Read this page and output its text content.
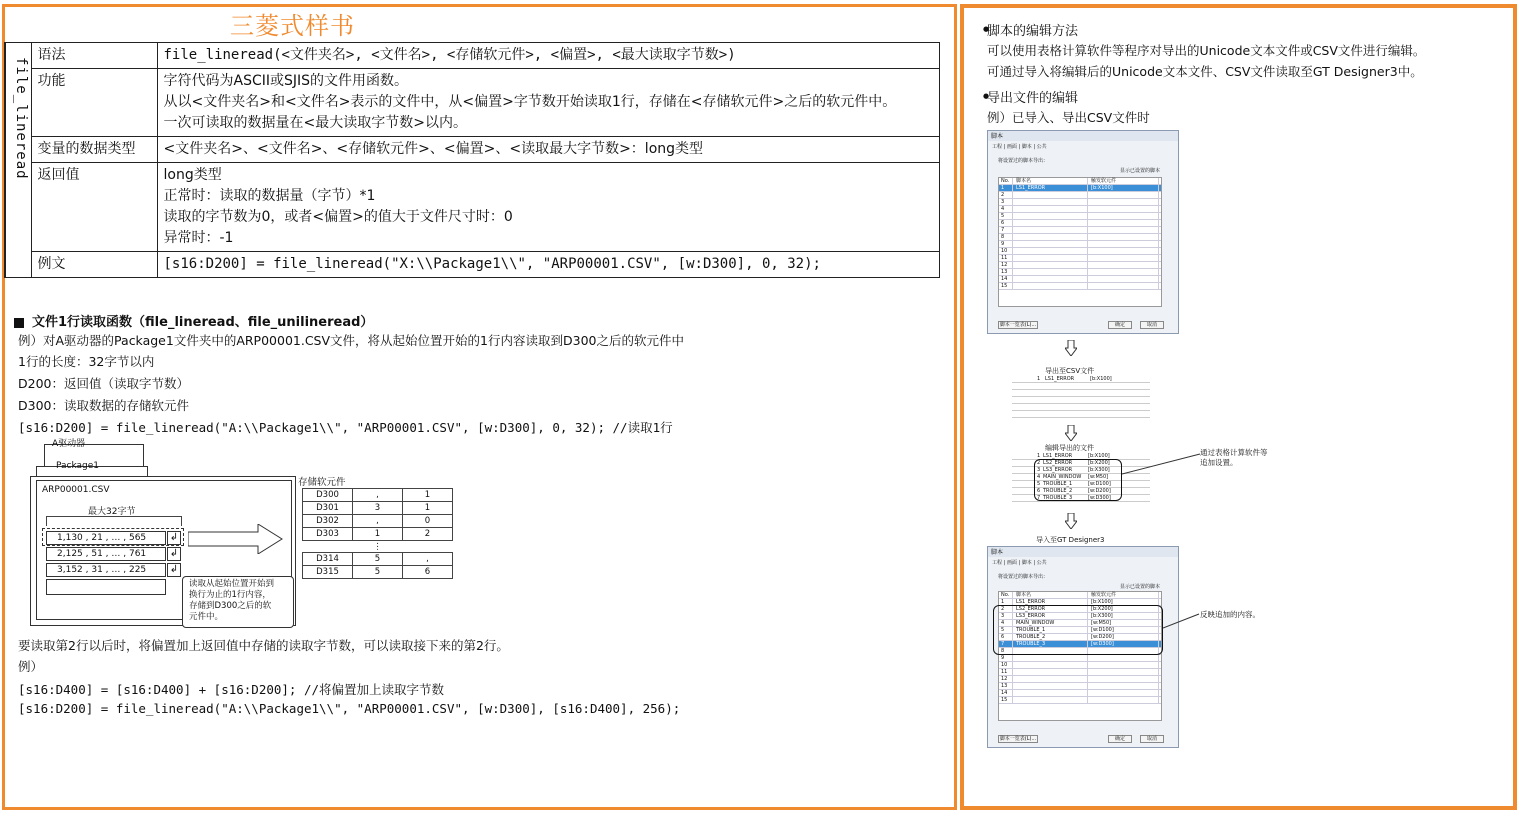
三菱式样书
file_lineread	语法	file_lineread(<文件夹名>, <文件名>, <存储软元件>, <偏置>, <最大读取字节数>)

	功能	字符代码为ASCII或SJIS的文件用函数。
从以<文件夹名>和<文件名>表示的文件中，从<偏置>字节数开始读取1行，存储在<存储软元件>之后的软元件中。
一次可读取的数据量在<最大读取字节数>以内。

	变量的数据类型	<文件夹名>、<文件名>、<存储软元件>、<偏置>、<读取最大字节数>：long类型

	返回值	long类型
正常时：读取的数据量（字节）*1
读取的字节数为0，或者<偏置>的值大于文件尺寸时：0
异常时：-1

	例文	[s16:D200] = file_lineread("X:\\Package1\\", "ARP00001.CSV", [w:D300], 0, 32);
文件1行读取函数（file_lineread、file_unilineread）
例）对A驱动器的Package1文件夹中的ARP00001.CSV文件，将从起始位置开始的1行内容读取到D300之后的软元件中
1行的长度：32字节以内
D200：返回值（读取字节数）
D300：读取数据的存储软元件
[s16:D200] = file_lineread("A:\\Package1\\", "ARP00001.CSV", [w:D300], 0, 32); //读取1行
A驱动器
Package1
ARP00001.CSV
最大32字节
1,130 , 21 , … , 565 ↲
2,125 , 51 , … , 761 ↲
3,152 , 31 , … , 225 ↲
读取从起始位置开始到
换行为止的1行内容，
存储到D300之后的软
元件中。
存储软元件
D300	,	1
D301	3	1
D302	,	0
D303	1	2
	⋮	
D314	5	,
D315	5	6
要读取第2行以后时，将偏置加上返回值中存储的读取字节数，可以读取接下来的第2行。
例）
[s16:D400] = [s16:D400] + [s16:D200]; //将偏置加上读取字节数
[s16:D200] = file_lineread("A:\\Package1\\", "ARP00001.CSV", [w:D300], [s16:D400], 256);
● 脚本的编辑方法
可以使用表格计算软件等程序对导出的Unicode文本文件或CSV文件进行编辑。
可通过导入将编辑后的Unicode文本文件、CSV文件读取至GT Designer3中。
● 导出文件的编辑
例）已导入、导出CSV文件时
脚本
工程 | 画面 | 脚本 | 公共
将设置过的脚本导出：
显示已设置的脚本
No.	脚本名	触发软元件
1	LS1_ERROR	[b:X100]
2
3
4
5
6
7
8
9
10
11
12
13
14
15
脚本一览表(L)...	确定	取消
导出至CSV文件
1 LS1_ERROR	[b:X100]
编辑导出的文件
1 LS1_ERROR	[b:X100]
2 LS2_ERROR	[b:X200]
3 LS3_ERROR	[b:X300]
4 MAIN_WINDOW [w:M50]
5 TROUBLE_1	[w:D100]
6 TROUBLE_2	[w:D200]
7 TROUBLE_3	[w:D300]
通过表格计算软件等
追加设置。
导入至GT Designer3
脚本
工程 | 画面 | 脚本 | 公共
将设置过的脚本导出：
显示已设置的脚本
No.	脚本名	触发软元件
1	LS1_ERROR	[b:X100]
2	LS2_ERROR	[b:X200]
3	LS3_ERROR	[b:X300]
4	MAIN_WINDOW	[w:M50]
5	TROUBLE_1	[w:D100]
6	TROUBLE_2	[w:D200]
7	TROUBLE_3	[w:D300]
8
9
10
11
12
13
14
15
脚本一览表(L)...	确定	取消
反映追加的内容。
